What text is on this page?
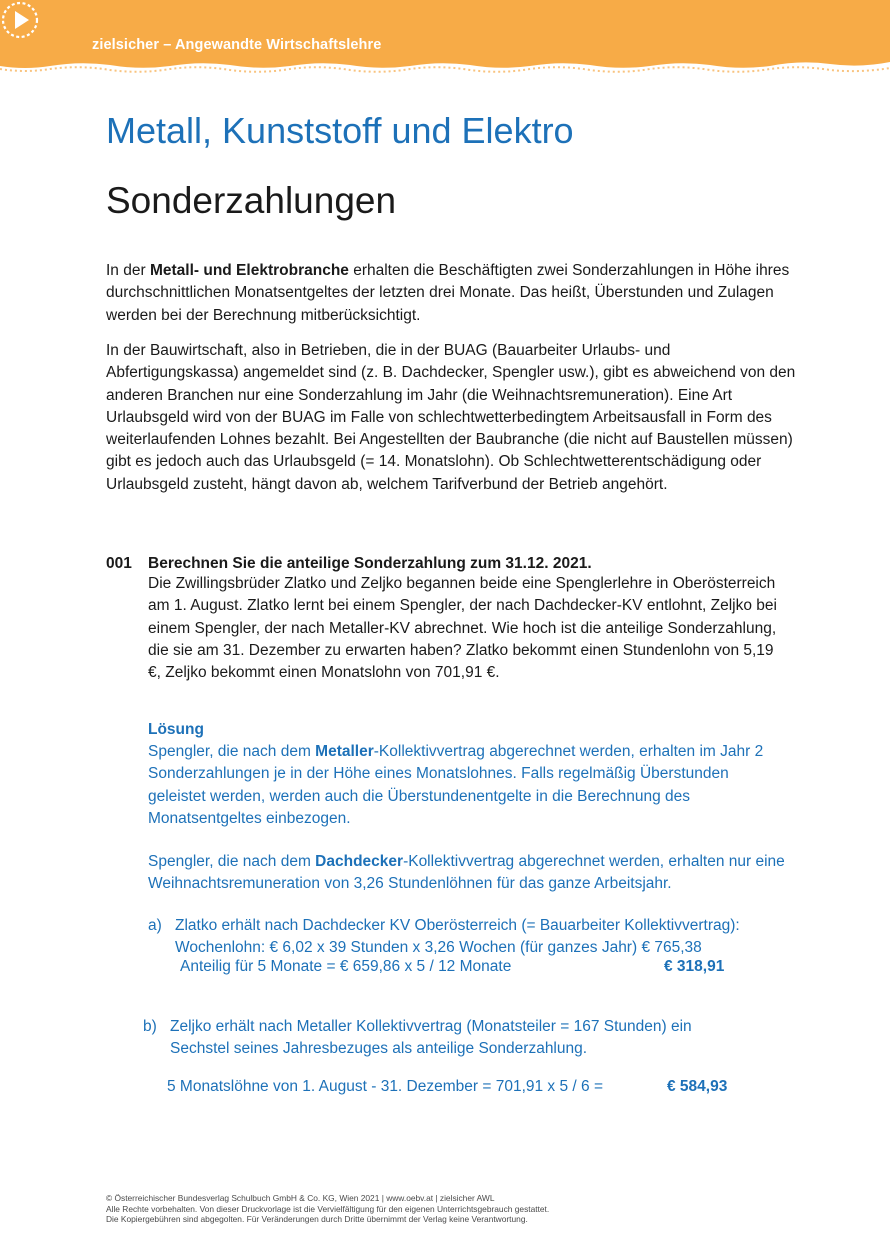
zielsicher – Angewandte Wirtschaftslehre
Metall, Kunststoff und Elektro
Sonderzahlungen

In der Metall- und Elektrobranche erhalten die Beschäftigten zwei Sonderzahlungen in Höhe ihres durchschnittlichen Monatsentgeltes der letzten drei Monate. Das heißt, Überstunden und Zulagen werden bei der Berechnung mitberücksichtigt.

In der Bauwirtschaft, also in Betrieben, die in der BUAG (Bauarbeiter Urlaubs- und Abfertigungskassa) angemeldet sind (z. B. Dachdecker, Spengler usw.), gibt es abweichend von den anderen Branchen nur eine Sonderzahlung im Jahr (die Weihnachtsremuneration). Eine Art Urlaubsgeld wird von der BUAG im Falle von schlechtwetterbedingtem Arbeitsausfall in Form des weiterlaufenden Lohnes bezahlt. Bei Angestellten der Baubranche (die nicht auf Baustellen müssen) gibt es jedoch auch das Urlaubsgeld (= 14. Monatslohn). Ob Schlechtwetterentschädigung oder Urlaubsgeld zusteht, hängt davon ab, welchem Tarifverbund der Betrieb angehört.

001 Berechnen Sie die anteilige Sonderzahlung zum 31.12. 2021.

Die Zwillingsbrüder Zlatko und Zeljko begannen beide eine Spenglerlehre in Oberösterreich am 1. August. Zlatko lernt bei einem Spengler, der nach Dachdecker-KV entlohnt, Zeljko bei einem Spengler, der nach Metaller-KV abrechnet. Wie hoch ist die anteilige Sonderzahlung, die sie am 31. Dezember zu erwarten haben? Zlatko bekommt einen Stundenlohn von 5,19 €, Zeljko bekommt einen Monatslohn von 701,91 €.

Lösung

Spengler, die nach dem Metaller-Kollektivvertrag abgerechnet werden, erhalten im Jahr 2 Sonderzahlungen je in der Höhe eines Monatslohnes. Falls regelmäßig Überstunden geleistet werden, werden auch die Überstundenentgelte in die Berechnung des Monatsentgeltes einbezogen.

Spengler, die nach dem Dachdecker-Kollektivvertrag abgerechnet werden, erhalten nur eine Weihnachtsremuneration von 3,26 Stundenlöhnen für das ganze Arbeitsjahr.

a) Zlatko erhält nach Dachdecker KV Oberösterreich (= Bauarbeiter Kollektivvertrag):
Wochenlohn: € 6,02 x 39 Stunden x 3,26 Wochen (für ganzes Jahr) € 765,38
Anteilig für 5 Monate = € 659,86 x 5 / 12 Monate	€ 318,91
b) Zeljko erhält nach Metaller Kollektivvertrag (Monatsteiler = 167 Stunden) ein
Sechstel seines Jahresbezuges als anteilige Sonderzahlung.
5 Monatslöhne von 1. August - 31. Dezember = 701,91 x 5 / 6 =	€ 584,93
© Österreichischer Bundesverlag Schulbuch GmbH & Co. KG, Wien 2021 | www.oebv.at | zielsicher AWL
Alle Rechte vorbehalten. Von dieser Druckvorlage ist die Vervielfältigung für den eigenen Unterrichtsgebrauch gestattet.
Die Kopiergebühren sind abgegolten. Für Veränderungen durch Dritte übernimmt der Verlag keine Verantwortung.
